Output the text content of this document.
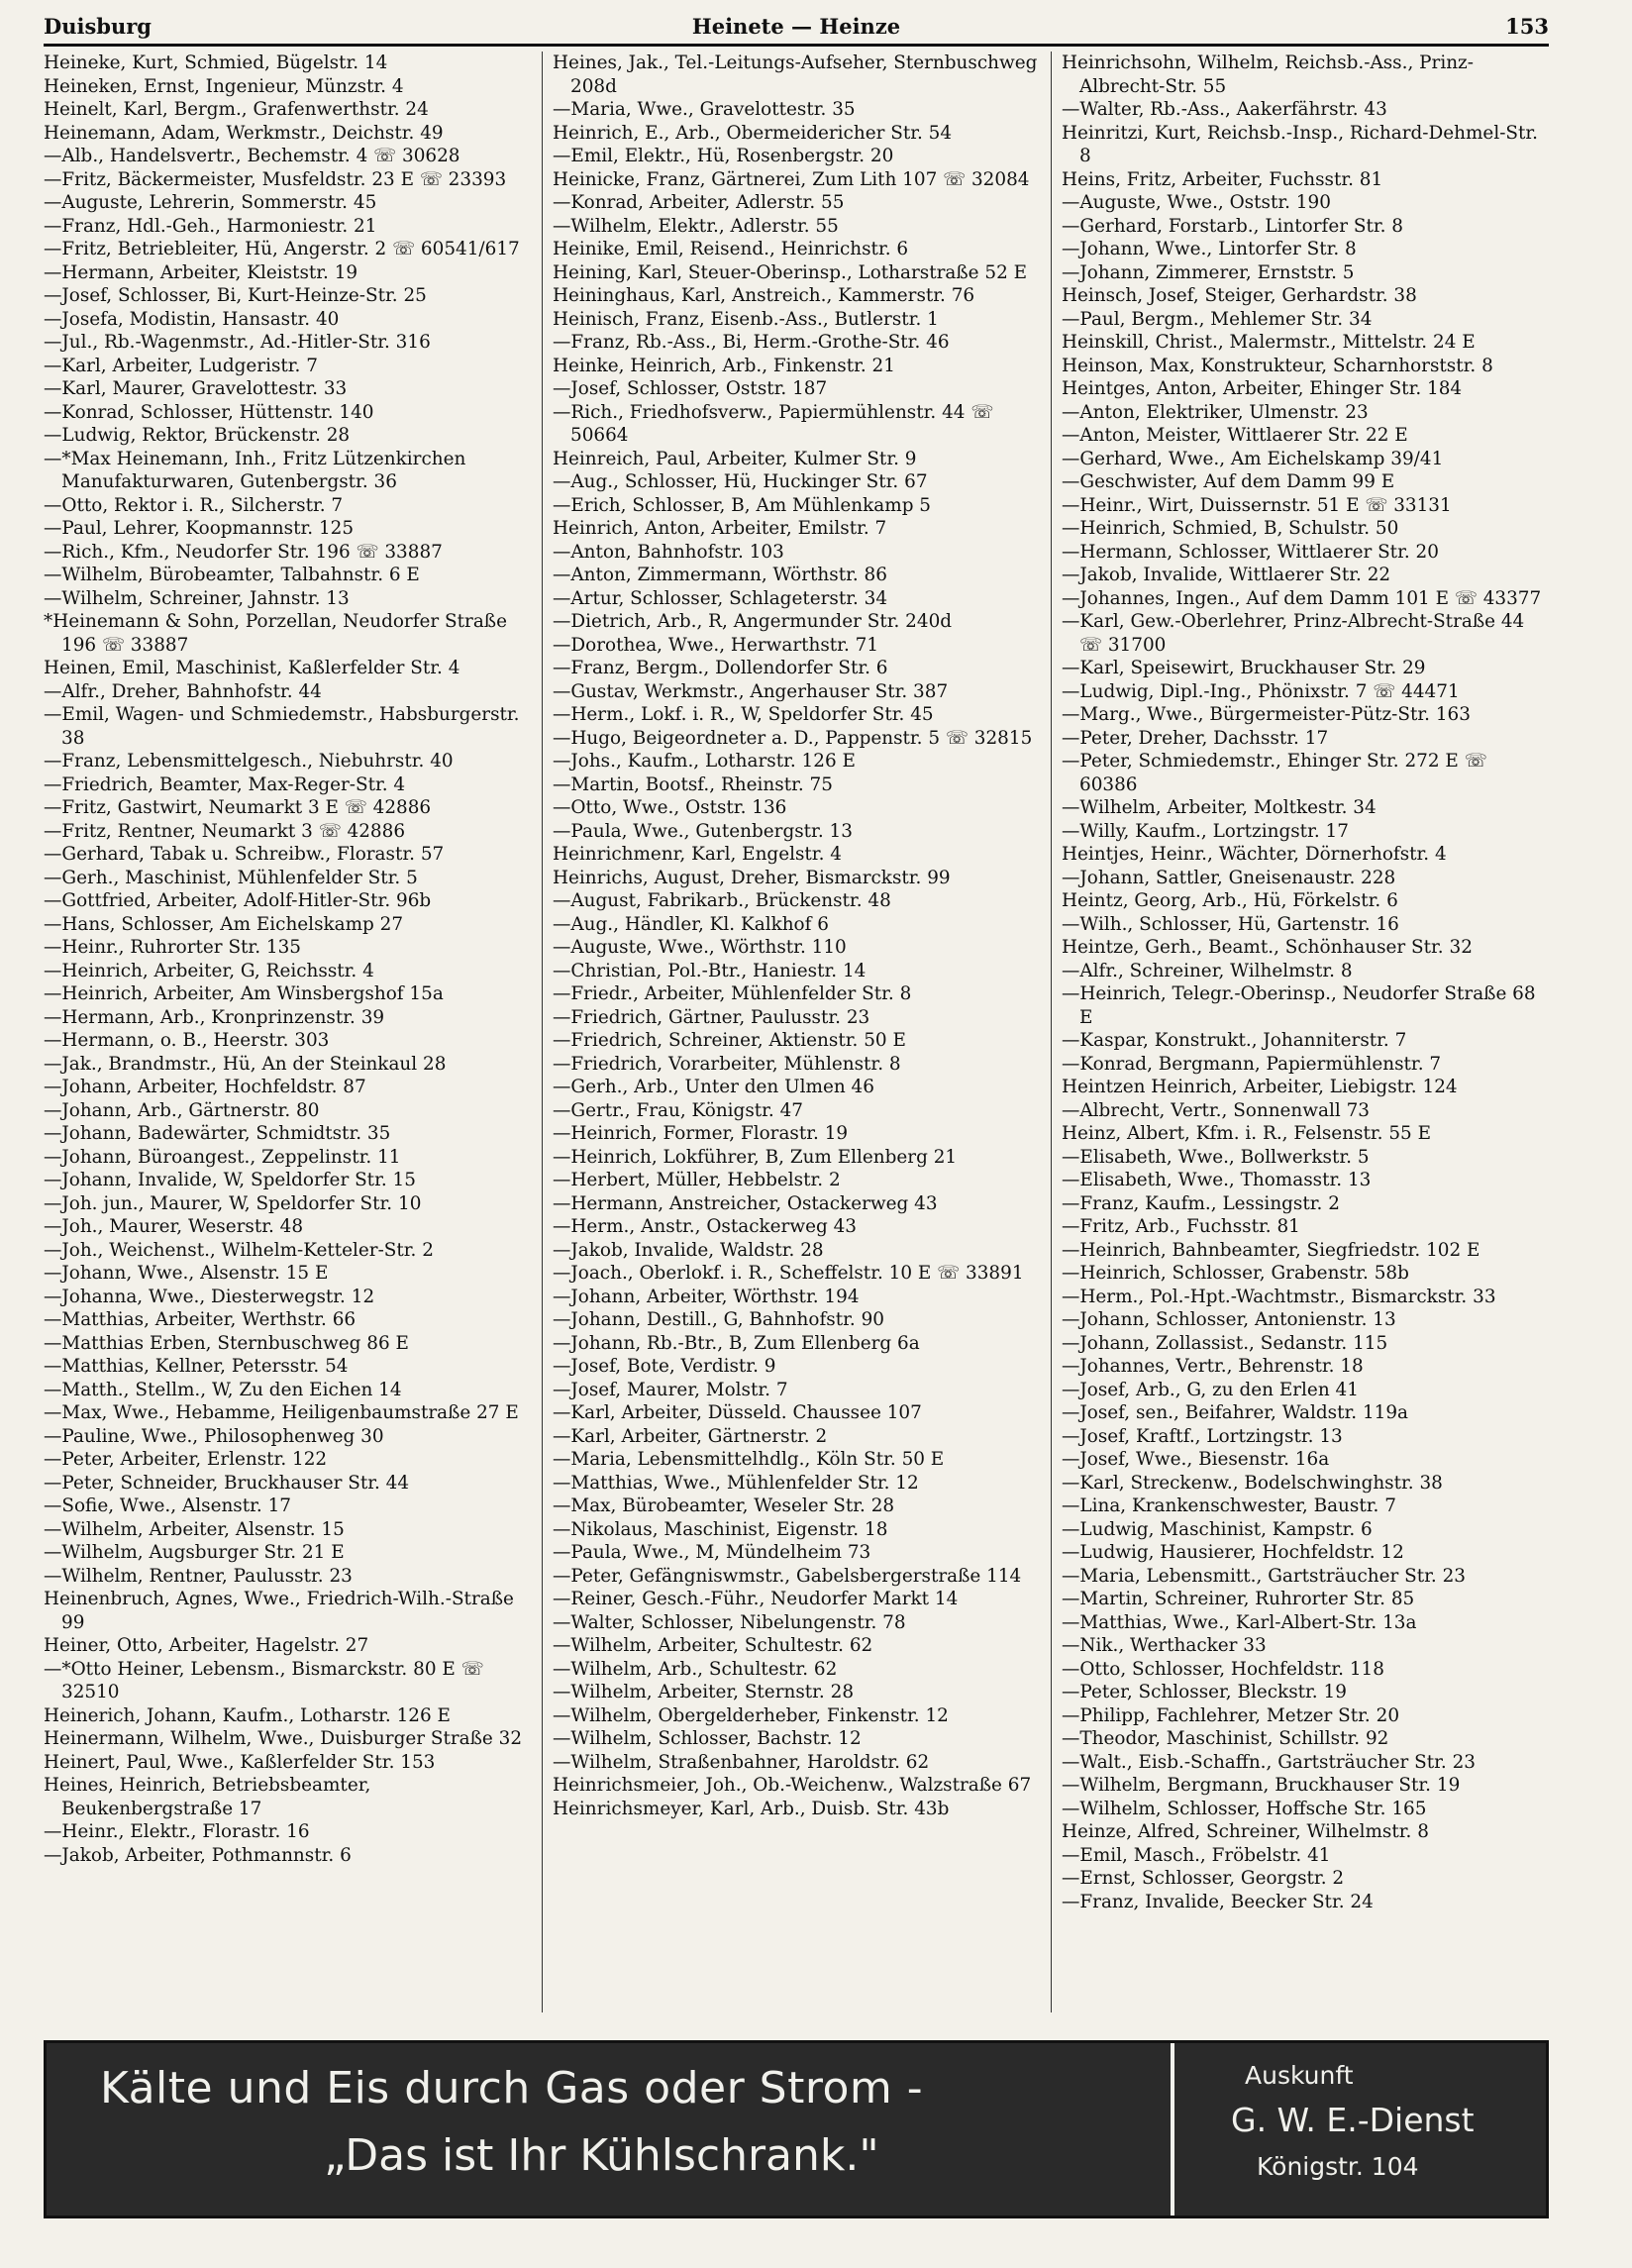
Duisburg	Heinete — Heinze	153
Heineke, Kurt, Schmied, Bügelstr. 14
Heineken, Ernst, Ingenieur, Münzstr. 4
Heinelt, Karl, Bergm., Grafenwerthstr. 24
Heinemann, Adam, Werkmstr., Deichstr. 49
—Alb., Handelsvertr., Bechemstr. 4 ☏ 30628
—Fritz, Bäckermeister, Musfeldstr. 23 E ☏ 23393
—Auguste, Lehrerin, Sommerstr. 45
—Franz, Hdl.-Geh., Harmoniestr. 21
—Fritz, Betriebleiter, Hü, Angerstr. 2 ☏ 60541/617
—Hermann, Arbeiter, Kleiststr. 19
—Josef, Schlosser, Bi, Kurt-Heinze-Str. 25
—Josefa, Modistin, Hansastr. 40
—Jul., Rb.-Wagenmstr., Ad.-Hitler-Str. 316
—Karl, Arbeiter, Ludgeristr. 7
—Karl, Maurer, Gravelottestr. 33
—Konrad, Schlosser, Hüttenstr. 140
—Ludwig, Rektor, Brückenstr. 28
—*Max Heinemann, Inh., Fritz Lützenkirchen Manufakturwaren, Gutenbergstr. 36
—Otto, Rektor i. R., Silcherstr. 7
—Paul, Lehrer, Koopmannstr. 125
—Rich., Kfm., Neudorfer Str. 196 ☏ 33887
—Wilhelm, Bürobeamter, Talbahnstr. 6 E
—Wilhelm, Schreiner, Jahnstr. 13
*Heinemann & Sohn, Porzellan, Neudorfer Straße 196 ☏ 33887
Heinen, Emil, Maschinist, Kaßlerfelder Str. 4
—Alfr., Dreher, Bahnhofstr. 44
—Emil, Wagen- und Schmiedemstr., Habsburgerstr. 38
—Franz, Lebensmittelgesch., Niebuhrstr. 40
—Friedrich, Beamter, Max-Reger-Str. 4
—Fritz, Gastwirt, Neumarkt 3 E ☏ 42886
—Fritz, Rentner, Neumarkt 3 ☏ 42886
—Gerhard, Tabak u. Schreibw., Florastr. 57
—Gerh., Maschinist, Mühlenfelder Str. 5
—Gottfried, Arbeiter, Adolf-Hitler-Str. 96b
—Hans, Schlosser, Am Eichelskamp 27
—Heinr., Ruhrorter Str. 135
—Heinrich, Arbeiter, G, Reichsstr. 4
—Heinrich, Arbeiter, Am Winsbergshof 15a
—Hermann, Arb., Kronprinzenstr. 39
—Hermann, o. B., Heerstr. 303
—Jak., Brandmstr., Hü, An der Steinkaul 28
—Johann, Arbeiter, Hochfeldstr. 87
—Johann, Arb., Gärtnerstr. 80
—Johann, Badewärter, Schmidtstr. 35
—Johann, Büroangest., Zeppelinstr. 11
—Johann, Invalide, W, Speldorfer Str. 15
—Joh. jun., Maurer, W, Speldorfer Str. 10
—Joh., Maurer, Weserstr. 48
—Joh., Weichenst., Wilhelm-Ketteler-Str. 2
—Johann, Wwe., Alsenstr. 15 E
—Johanna, Wwe., Diesterwegstr. 12
—Matthias, Arbeiter, Werthstr. 66
—Matthias Erben, Sternbuschweg 86 E
—Matthias, Kellner, Petersstr. 54
—Matth., Stellm., W, Zu den Eichen 14
—Max, Wwe., Hebamme, Heiligenbaumstraße 27 E
—Pauline, Wwe., Philosophenweg 30
—Peter, Arbeiter, Erlenstr. 122
—Peter, Schneider, Bruckhauser Str. 44
—Sofie, Wwe., Alsenstr. 17
—Wilhelm, Arbeiter, Alsenstr. 15
—Wilhelm, Augsburger Str. 21 E
—Wilhelm, Rentner, Paulusstr. 23
Heinenbruch, Agnes, Wwe., Friedrich-Wilh.-Straße 99
Heiner, Otto, Arbeiter, Hagelstr. 27
—*Otto Heiner, Lebensm., Bismarckstr. 80 E ☏ 32510
Heinerich, Johann, Kaufm., Lotharstr. 126 E
Heinermann, Wilhelm, Wwe., Duisburger Straße 32
Heinert, Paul, Wwe., Kaßlerfelder Str. 153
Heines, Heinrich, Betriebsbeamter, Beukenbergstraße 17
—Heinr., Elektr., Florastr. 16
—Jakob, Arbeiter, Pothmannstr. 6
Heines, Jak., Tel.-Leitungs-Aufseher, Sternbuschweg 208d
—Maria, Wwe., Gravelottestr. 35
Heinrich, E., Arb., Obermeidericher Str. 54
—Emil, Elektr., Hü, Rosenbergstr. 20
Heinicke, Franz, Gärtnerei, Zum Lith 107 ☏ 32084
—Konrad, Arbeiter, Adlerstr. 55
—Wilhelm, Elektr., Adlerstr. 55
Heinike, Emil, Reisend., Heinrichstr. 6
Heining, Karl, Steuer-Oberinsp., Lotharstraße 52 E
Heininghaus, Karl, Anstreich., Kammerstr. 76
Heinisch, Franz, Eisenb.-Ass., Butlerstr. 1
—Franz, Rb.-Ass., Bi, Herm.-Grothe-Str. 46
Heinke, Heinrich, Arb., Finkenstr. 21
—Josef, Schlosser, Oststr. 187
—Rich., Friedhofsverw., Papiermühlenstr. 44 ☏ 50664
Heinreich, Paul, Arbeiter, Kulmer Str. 9
—Aug., Schlosser, Hü, Huckinger Str. 67
—Erich, Schlosser, B, Am Mühlenkamp 5
Heinrich, Anton, Arbeiter, Emilstr. 7
—Anton, Bahnhofstr. 103
—Anton, Zimmermann, Wörthstr. 86
—Artur, Schlosser, Schlageterstr. 34
—Dietrich, Arb., R, Angermunder Str. 240d
—Dorothea, Wwe., Herwarthstr. 71
—Franz, Bergm., Dollendorfer Str. 6
—Gustav, Werkmstr., Angerhauser Str. 387
—Herm., Lokf. i. R., W, Speldorfer Str. 45
—Hugo, Beigeordneter a. D., Pappenstr. 5 ☏ 32815
—Johs., Kaufm., Lotharstr. 126 E
—Martin, Bootsf., Rheinstr. 75
—Otto, Wwe., Oststr. 136
—Paula, Wwe., Gutenbergstr. 13
Heinrichmenr, Karl, Engelstr. 4
Heinrichs, August, Dreher, Bismarckstr. 99
—August, Fabrikarb., Brückenstr. 48
—Aug., Händler, Kl. Kalkhof 6
—Auguste, Wwe., Wörthstr. 110
—Christian, Pol.-Btr., Haniestr. 14
—Friedr., Arbeiter, Mühlenfelder Str. 8
—Friedrich, Gärtner, Paulusstr. 23
—Friedrich, Schreiner, Aktienstr. 50 E
—Friedrich, Vorarbeiter, Mühlenstr. 8
—Gerh., Arb., Unter den Ulmen 46
—Gertr., Frau, Königstr. 47
—Heinrich, Former, Florastr. 19
—Heinrich, Lokführer, B, Zum Ellenberg 21
—Herbert, Müller, Hebbelstr. 2
—Hermann, Anstreicher, Ostackerweg 43
—Herm., Anstr., Ostackerweg 43
—Jakob, Invalide, Waldstr. 28
—Joach., Oberlokf. i. R., Scheffelstr. 10 E ☏ 33891
—Johann, Arbeiter, Wörthstr. 194
—Johann, Destill., G, Bahnhofstr. 90
—Johann, Rb.-Btr., B, Zum Ellenberg 6a
—Josef, Bote, Verdistr. 9
—Josef, Maurer, Molstr. 7
—Karl, Arbeiter, Düsseld. Chaussee 107
—Karl, Arbeiter, Gärtnerstr. 2
—Maria, Lebensmittelhdlg., Köln Str. 50 E
—Matthias, Wwe., Mühlenfelder Str. 12
—Max, Bürobeamter, Weseler Str. 28
—Nikolaus, Maschinist, Eigenstr. 18
—Paula, Wwe., M, Mündelheim 73
—Peter, Gefängniswmstr., Gabelsbergerstraße 114
—Reiner, Gesch.-Führ., Neudorfer Markt 14
—Walter, Schlosser, Nibelungenstr. 78
—Wilhelm, Arbeiter, Schultestr. 62
—Wilhelm, Arb., Schultestr. 62
—Wilhelm, Arbeiter, Sternstr. 28
—Wilhelm, Obergelderheber, Finkenstr. 12
—Wilhelm, Schlosser, Bachstr. 12
—Wilhelm, Straßenbahner, Haroldstr. 62
Heinrichsmeier, Joh., Ob.-Weichenw., Walzstraße 67
Heinrichsmeyer, Karl, Arb., Duisb. Str. 43b
Heinrichsohn, Wilhelm, Reichsb.-Ass., Prinz-Albrecht-Str. 55
—Walter, Rb.-Ass., Aakerfährstr. 43
Heinritzi, Kurt, Reichsb.-Insp., Richard-Dehmel-Str. 8
Heins, Fritz, Arbeiter, Fuchsstr. 81
—Auguste, Wwe., Oststr. 190
—Gerhard, Forstarb., Lintorfer Str. 8
—Johann, Wwe., Lintorfer Str. 8
—Johann, Zimmerer, Ernststr. 5
Heinsch, Josef, Steiger, Gerhardstr. 38
—Paul, Bergm., Mehlemer Str. 34
Heinskill, Christ., Malermstr., Mittelstr. 24 E
Heinson, Max, Konstrukteur, Scharnhorststr. 8
Heintges, Anton, Arbeiter, Ehinger Str. 184
—Anton, Elektriker, Ulmenstr. 23
—Anton, Meister, Wittlaerer Str. 22 E
—Gerhard, Wwe., Am Eichelskamp 39/41
—Geschwister, Auf dem Damm 99 E
—Heinr., Wirt, Duissernstr. 51 E ☏ 33131
—Heinrich, Schmied, B, Schulstr. 50
—Hermann, Schlosser, Wittlaerer Str. 20
—Jakob, Invalide, Wittlaerer Str. 22
—Johannes, Ingen., Auf dem Damm 101 E ☏ 43377
—Karl, Gew.-Oberlehrer, Prinz-Albrecht-Straße 44 ☏ 31700
—Karl, Speisewirt, Bruckhauser Str. 29
—Ludwig, Dipl.-Ing., Phönixstr. 7 ☏ 44471
—Marg., Wwe., Bürgermeister-Pütz-Str. 163
—Peter, Dreher, Dachsstr. 17
—Peter, Schmiedemstr., Ehinger Str. 272 E ☏ 60386
—Wilhelm, Arbeiter, Moltkestr. 34
—Willy, Kaufm., Lortzingstr. 17
Heintjes, Heinr., Wächter, Dörnerhofstr. 4
—Johann, Sattler, Gneisenaustr. 228
Heintz, Georg, Arb., Hü, Förkelstr. 6
—Wilh., Schlosser, Hü, Gartenstr. 16
Heintze, Gerh., Beamt., Schönhauser Str. 32
—Alfr., Schreiner, Wilhelmstr. 8
—Heinrich, Telegr.-Oberinsp., Neudorfer Straße 68 E
—Kaspar, Konstrukt., Johanniterstr. 7
—Konrad, Bergmann, Papiermühlenstr. 7
Heintzen Heinrich, Arbeiter, Liebigstr. 124
—Albrecht, Vertr., Sonnenwall 73
Heinz, Albert, Kfm. i. R., Felsenstr. 55 E
—Elisabeth, Wwe., Bollwerkstr. 5
—Elisabeth, Wwe., Thomasstr. 13
—Franz, Kaufm., Lessingstr. 2
—Fritz, Arb., Fuchsstr. 81
—Heinrich, Bahnbeamter, Siegfriedstr. 102 E
—Heinrich, Schlosser, Grabenstr. 58b
—Herm., Pol.-Hpt.-Wachtmstr., Bismarckstr. 33
—Johann, Schlosser, Antonienstr. 13
—Johann, Zollassist., Sedanstr. 115
—Johannes, Vertr., Behrenstr. 18
—Josef, Arb., G, zu den Erlen 41
—Josef, sen., Beifahrer, Waldstr. 119a
—Josef, Kraftf., Lortzingstr. 13
—Josef, Wwe., Biesenstr. 16a
—Karl, Streckenw., Bodelschwinghstr. 38
—Lina, Krankenschwester, Baustr. 7
—Ludwig, Maschinist, Kampstr. 6
—Ludwig, Hausierer, Hochfeldstr. 12
—Maria, Lebensmitt., Gartsträucher Str. 23
—Martin, Schreiner, Ruhrorter Str. 85
—Matthias, Wwe., Karl-Albert-Str. 13a
—Nik., Werthacker 33
—Otto, Schlosser, Hochfeldstr. 118
—Peter, Schlosser, Bleckstr. 19
—Philipp, Fachlehrer, Metzer Str. 20
—Theodor, Maschinist, Schillstr. 92
—Walt., Eisb.-Schaffn., Gartsträucher Str. 23
—Wilhelm, Bergmann, Bruckhauser Str. 19
—Wilhelm, Schlosser, Hoffsche Str. 165
Heinze, Alfred, Schreiner, Wilhelmstr. 8
—Emil, Masch., Fröbelstr. 41
—Ernst, Schlosser, Georgstr. 2
—Franz, Invalide, Beecker Str. 24
Kälte und Eis durch Gas oder Strom -
„Das ist Ihr Kühlschrank."
Auskunft
G. W. E.-Dienst
Königstr. 104
